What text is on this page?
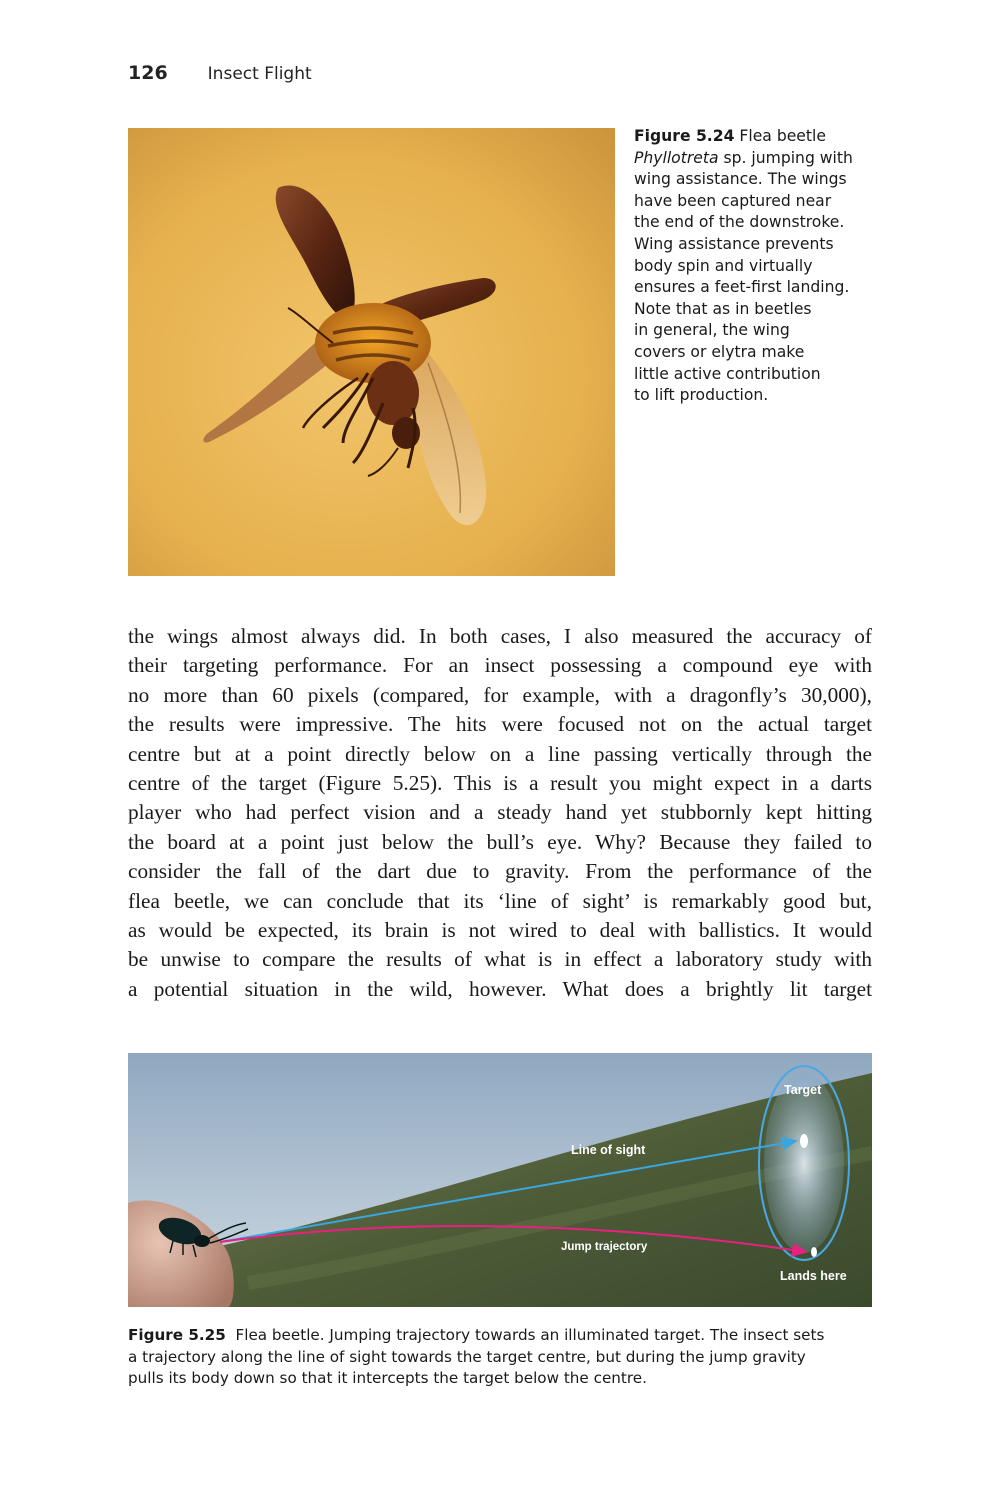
126 Insect Flight
Figure 5.24 Flea beetle
Phyllotreta sp. jumping with
wing assistance. The wings
have been captured near
the end of the downstroke.
Wing assistance prevents
body spin and virtually
ensures a feet-first landing.
Note that as in beetles
in general, the wing
covers or elytra make
little active contribution
to lift production.
the wings almost always did. In both cases, I also measured the accuracy of
their targeting performance. For an insect possessing a compound eye with
no more than 60 pixels (compared, for example, with a dragonfly’s 30,000),
the results were impressive. The hits were focused not on the actual target
centre but at a point directly below on a line passing vertically through the
centre of the target (Figure 5.25). This is a result you might expect in a darts
player who had perfect vision and a steady hand yet stubbornly kept hitting
the board at a point just below the bull’s eye. Why? Because they failed to
consider the fall of the dart due to gravity. From the performance of the
flea beetle, we can conclude that its ‘line of sight’ is remarkably good but,
as would be expected, its brain is not wired to deal with ballistics. It would
be unwise to compare the results of what is in effect a laboratory study with
a potential situation in the wild, however. What does a brightly lit target
Target
Line of sight
Jump trajectory
Lands here
Figure 5.25 Flea beetle. Jumping trajectory towards an illuminated target. The insect sets
a trajectory along the line of sight towards the target centre, but during the jump gravity
pulls its body down so that it intercepts the target below the centre.
